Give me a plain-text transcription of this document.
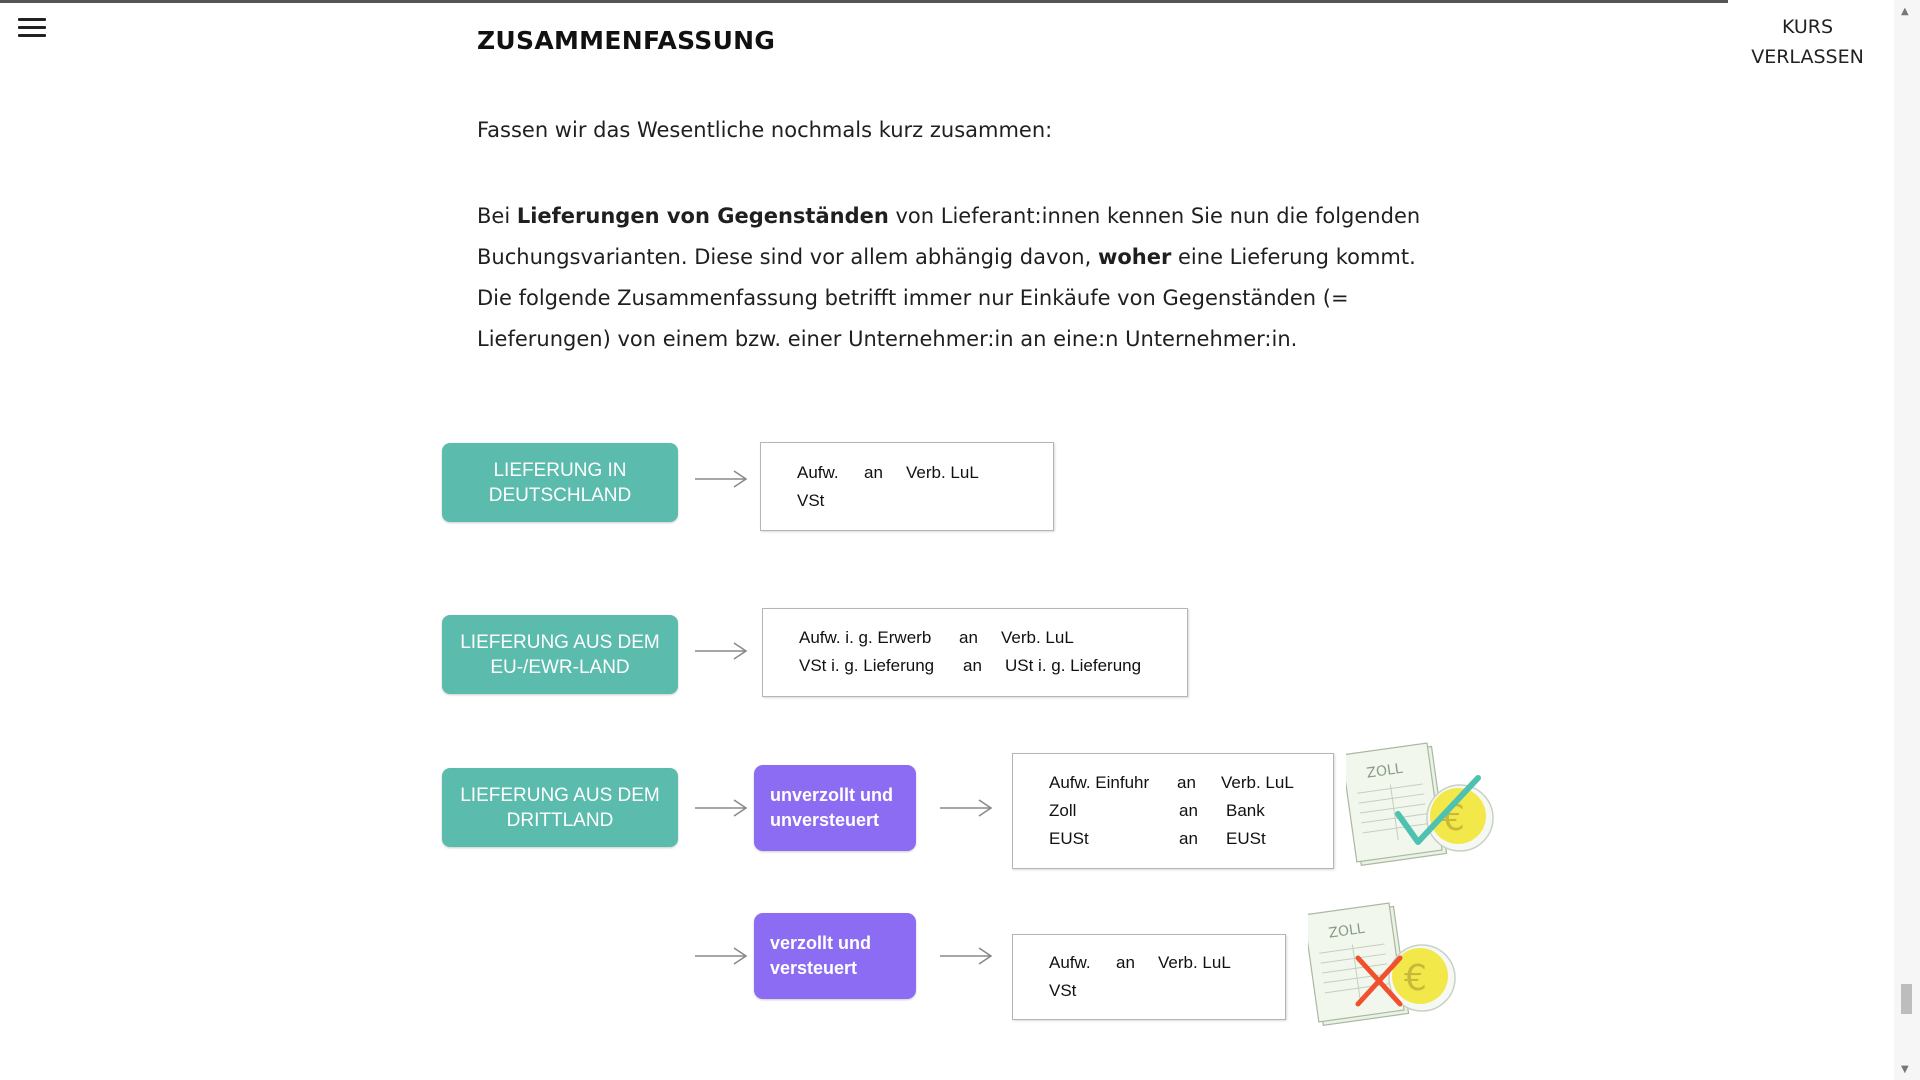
KURS
VERLASSEN
▲
▼
ZUSAMMENFASSUNG

Fassen wir das Wesentliche nochmals kurz zusammen:

Bei Lieferungen von Gegenständen von Lieferant:innen kennen Sie nun die folgenden Buchungsvarianten. Diese sind vor allem abhängig davon, woher eine Lieferung kommt. Die folgende Zusammenfassung betrifft immer nur Einkäufe von Gegenständen (= Lieferungen) von einem bzw. einer Unternehmer:in an eine:n Unternehmer:in.

LIEFERUNG IN
DEUTSCHLAND
Aufw. an Verb. LuL
VSt
LIEFERUNG AUS DEM
EU-/EWR-LAND
Aufw. i. g. Erwerb an Verb. LuL
VSt i. g. Lieferung an USt i. g. Lieferung
LIEFERUNG AUS DEM
DRITTLAND
unverzollt und
unversteuert
Aufw. Einfuhr an Verb. LuL
Zoll	an Bank
EUSt	an EUSt
ZOLL
€
verzollt und
versteuert	Aufw. an Verb. LuL
VSt
ZOLL
€
